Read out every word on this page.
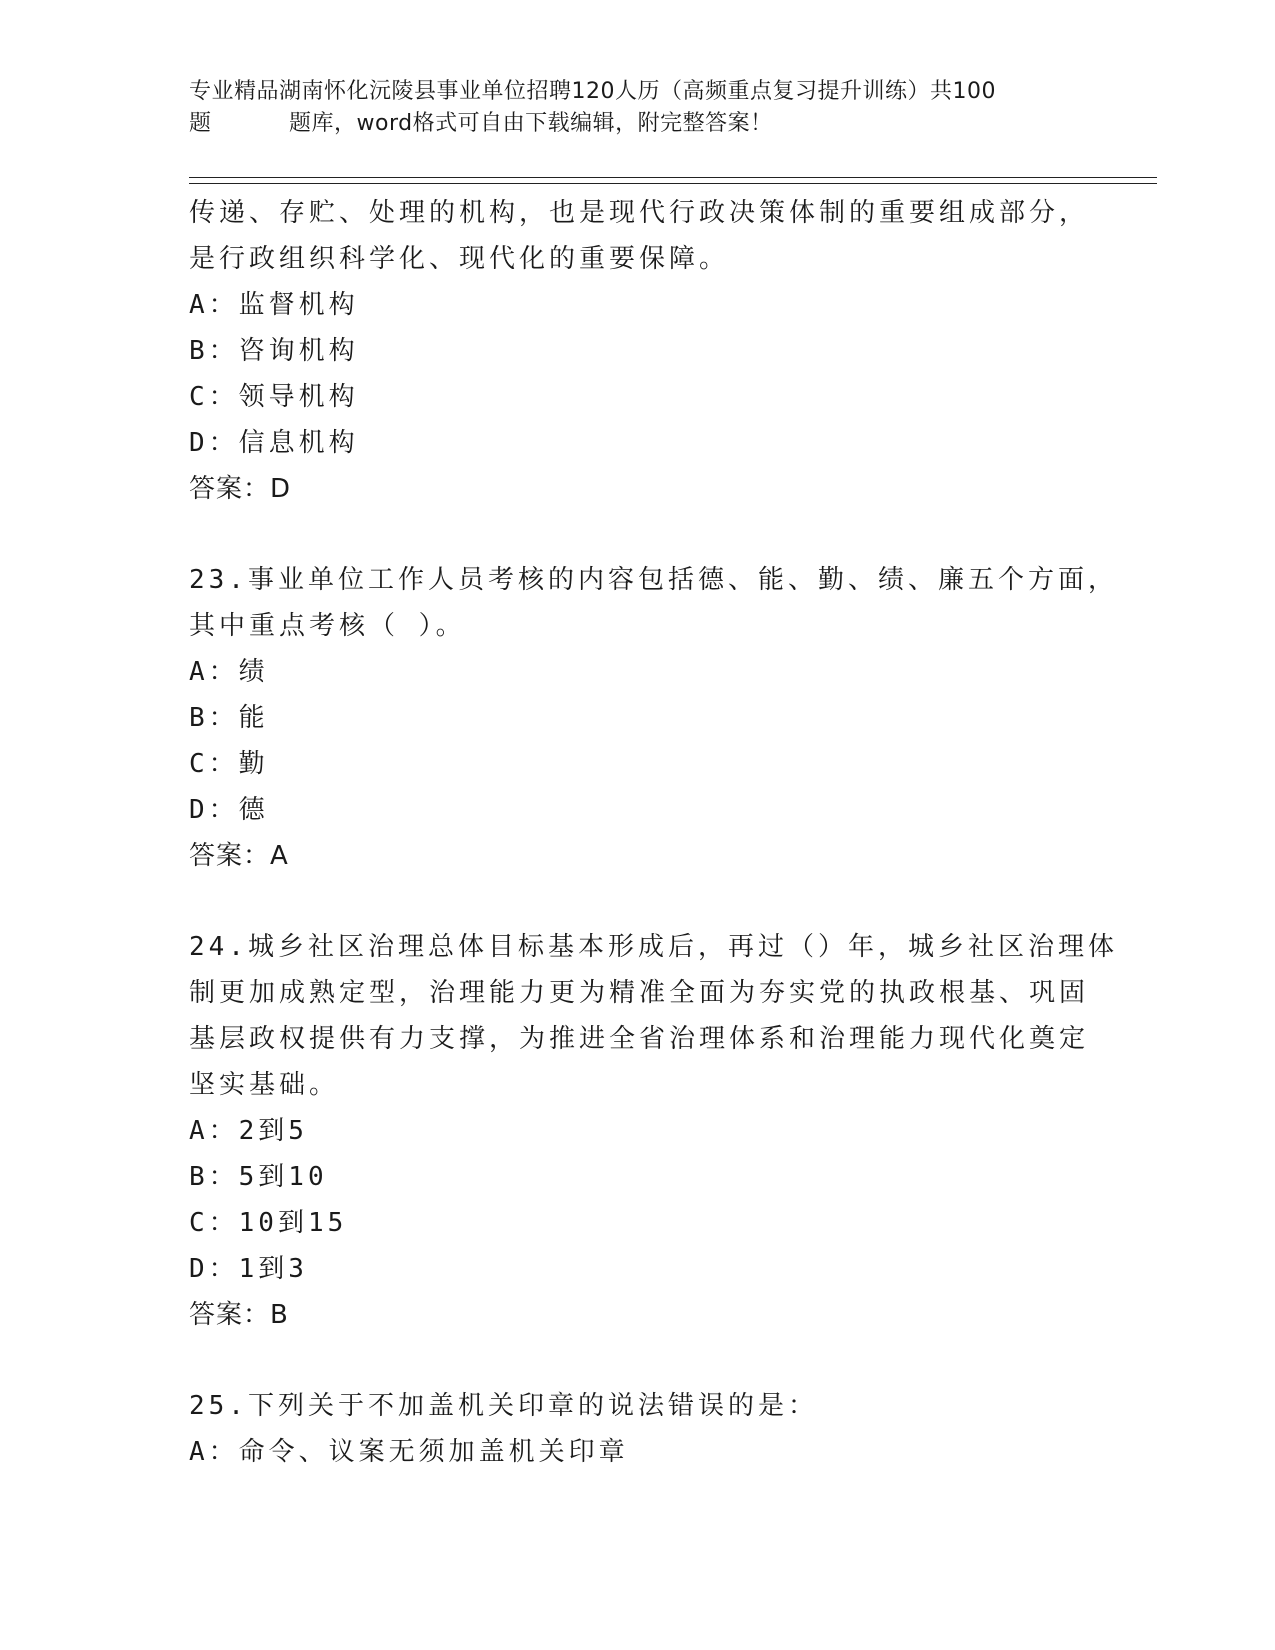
专业精品湖南怀化沅陵县事业单位招聘120人历（高频重点复习提升训练）共100
题	题库，word格式可自由下载编辑，附完整答案！
传递、存贮、处理的机构，也是现代行政决策体制的重要组成部分，
是行政组织科学化、现代化的重要保障。
A：监督机构
B：咨询机构
C：领导机构
D：信息机构
答案：D
23.事业单位工作人员考核的内容包括德、能、勤、绩、廉五个方面，
其中重点考核（ ）。
A：绩
B：能
C：勤
D：德
答案：A
24.城乡社区治理总体目标基本形成后，再过（）年，城乡社区治理体
制更加成熟定型，治理能力更为精准全面为夯实党的执政根基、巩固
基层政权提供有力支撑，为推进全省治理体系和治理能力现代化奠定
坚实基础。
A：2到5
B：5到10
C：10到15
D：1到3
答案：B
25.下列关于不加盖机关印章的说法错误的是：
A：命令、议案无须加盖机关印章
